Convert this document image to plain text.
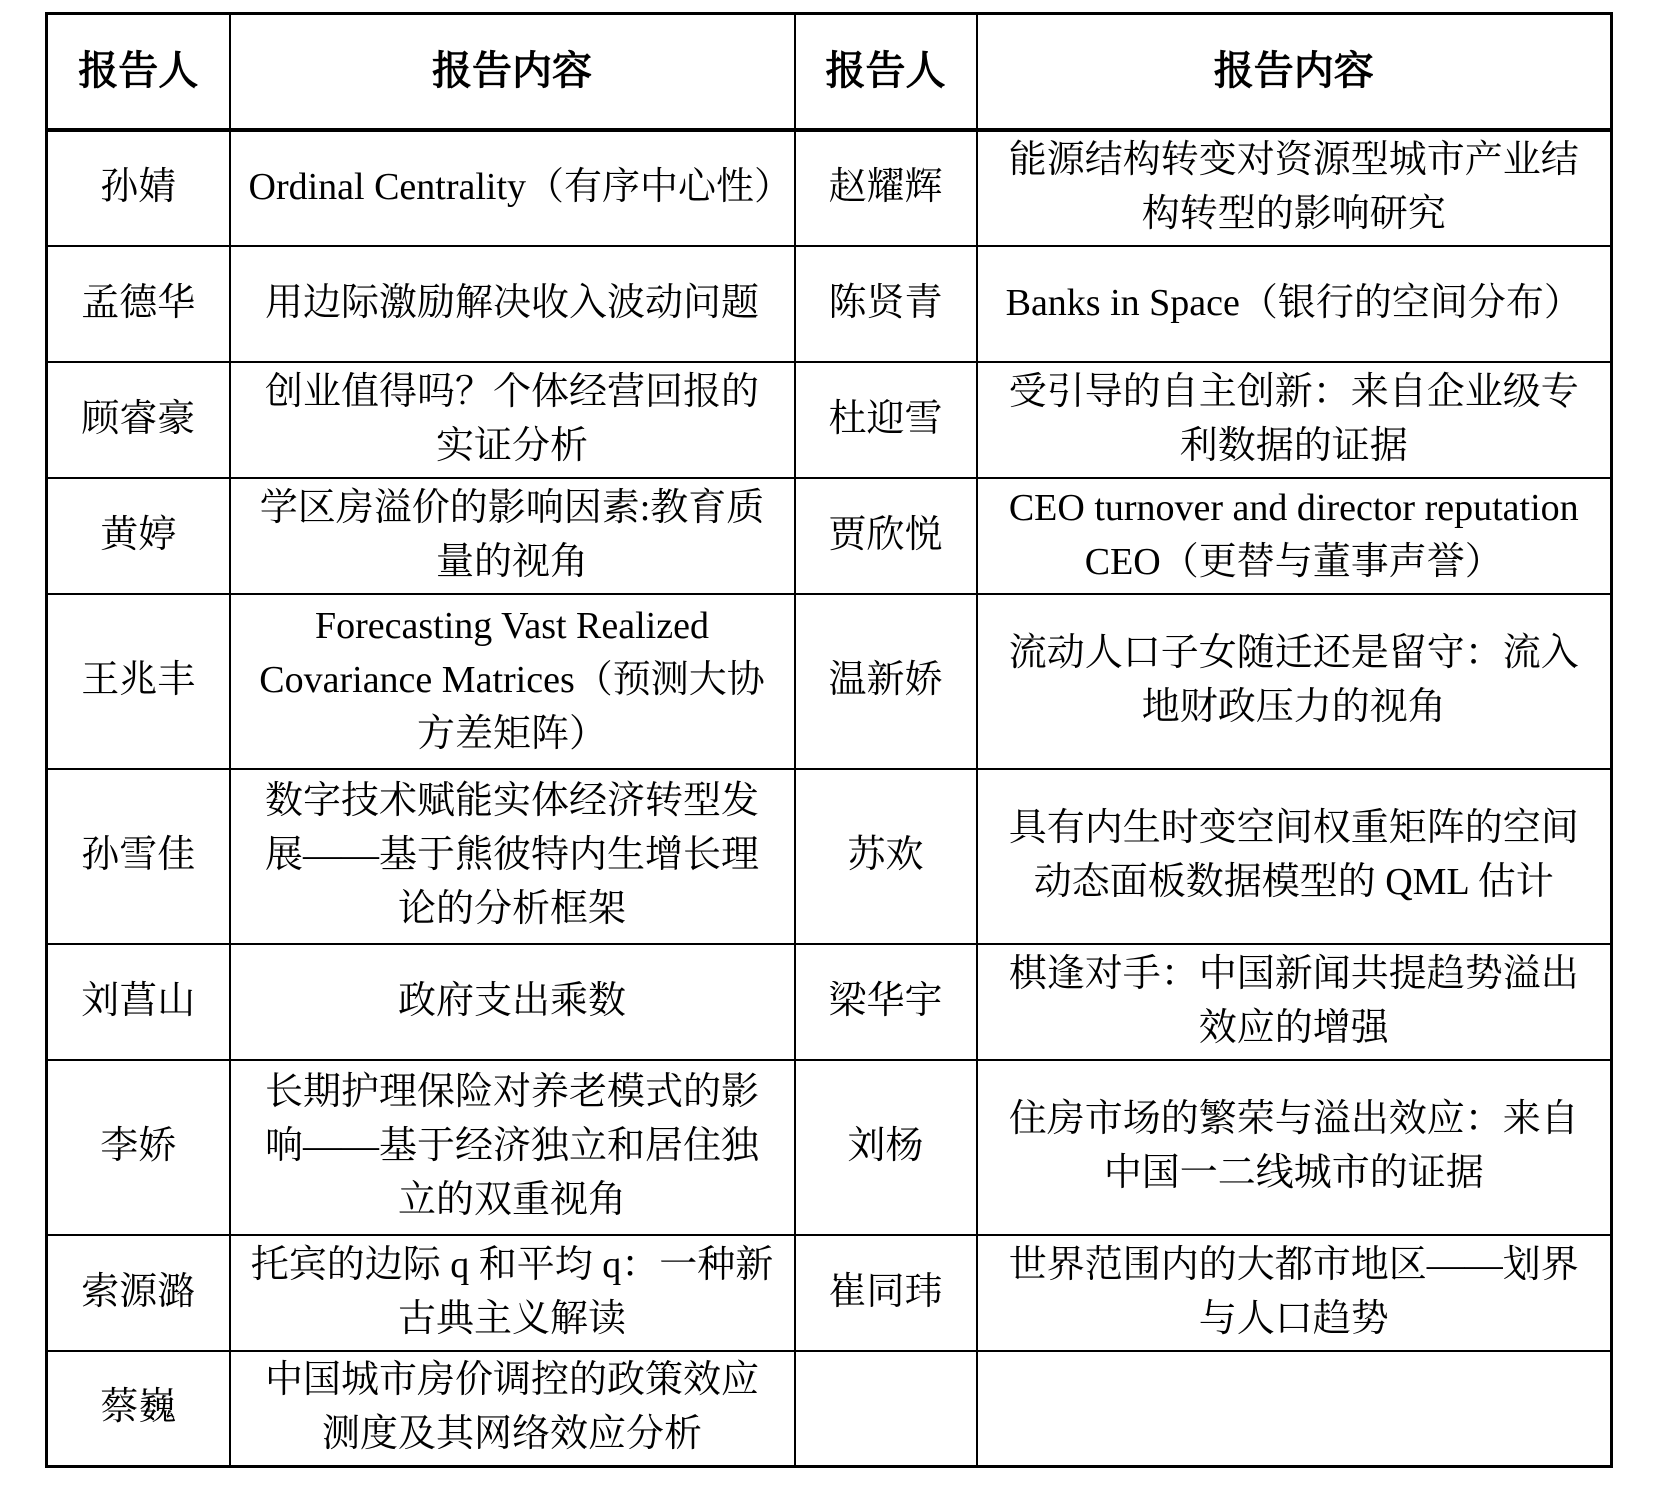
报告人	报告内容	报告人	报告内容
孙婧	Ordinal Centrality（有序中心性）	赵耀辉	能源结构转变对资源型城市产业结构转型的影响研究
孟德华	用边际激励解决收入波动问题	陈贤青	Banks in Space（银行的空间分布）
顾睿豪	创业值得吗？个体经营回报的实证分析	杜迎雪	受引导的自主创新：来自企业级专利数据的证据
黄婷	学区房溢价的影响因素:教育质量的视角	贾欣悦	CEO turnover and director reputation CEO（更替与董事声誉）
王兆丰	Forecasting Vast Realized Covariance Matrices（预测大协方差矩阵）	温新娇	流动人口子女随迁还是留守：流入地财政压力的视角
孙雪佳	数字技术赋能实体经济转型发展——基于熊彼特内生增长理论的分析框架	苏欢	具有内生时变空间权重矩阵的空间动态面板数据模型的 QML 估计
刘菖山	政府支出乘数	梁华宇	棋逢对手：中国新闻共提趋势溢出效应的增强
李娇	长期护理保险对养老模式的影响——基于经济独立和居住独立的双重视角	刘杨	住房市场的繁荣与溢出效应：来自中国一二线城市的证据
索源潞	托宾的边际 q 和平均 q：一种新古典主义解读	崔同玮	世界范围内的大都市地区——划界与人口趋势
蔡巍	中国城市房价调控的政策效应测度及其网络效应分析		
